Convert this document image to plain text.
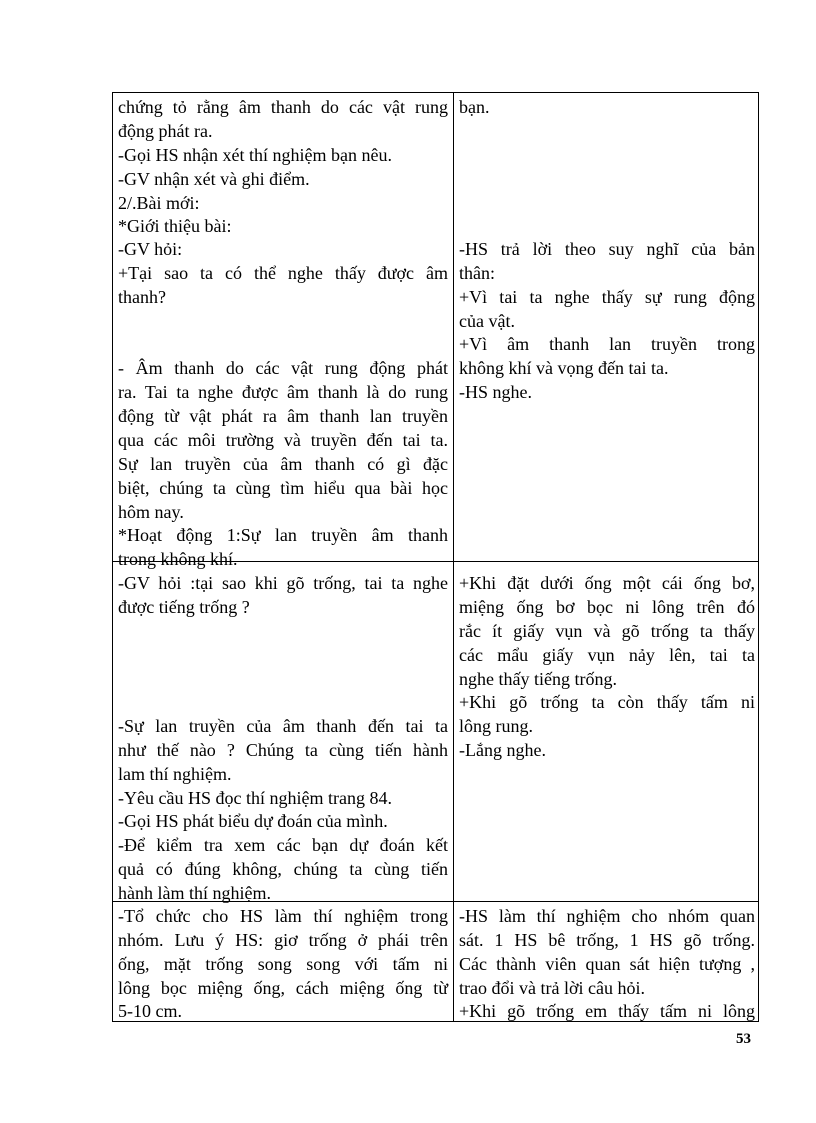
chứng tỏ rằng âm thanh do các vật rung
động phát ra.
-Gọi HS nhận xét thí nghiệm bạn nêu.
-GV nhận xét và ghi điểm.
2/.Bài mới:
*Giới thiệu bài:
-GV hỏi:
+Tại sao ta có thể nghe thấy được âm
thanh?
- Âm thanh do các vật rung động phát
ra. Tai ta nghe được âm thanh là do rung
động từ vật phát ra âm thanh lan truyền
qua các môi trường và truyền đến tai ta.
Sự lan truyền của âm thanh có gì đặc
biệt, chúng ta cùng tìm hiểu qua bài học
hôm nay.
*Hoạt động 1:Sự lan truyền âm thanh
trong không khí.
-GV hỏi :tại sao khi gõ trống, tai ta nghe
được tiếng trống ?
-Sự lan truyền của âm thanh đến tai ta
như thế nào ? Chúng ta cùng tiến hành
lam thí nghiệm.
-Yêu cầu HS đọc thí nghiệm trang 84.
-Gọi HS phát biểu dự đoán của mình.
-Để kiểm tra xem các bạn dự đoán kết
quả có đúng không, chúng ta cùng tiến
hành làm thí nghiệm.
-Tổ chức cho HS làm thí nghiệm trong
nhóm. Lưu ý HS: giơ trống ở phái trên
ống, mặt trống song song với tấm ni
lông bọc miệng ống, cách miệng ống từ
5-10 cm.
bạn.
-HS trả lời theo suy nghĩ của bản
thân:
+Vì tai ta nghe thấy sự rung động
của vật.
+Vì âm thanh lan truyền trong
không khí và vọng đến tai ta.
-HS nghe.
+Khi đặt dưới ống một cái ống bơ,
miệng ống bơ bọc ni lông trên đó
rắc ít giấy vụn và gõ trống ta thấy
các mẩu giấy vụn nảy lên, tai ta
nghe thấy tiếng trống.
+Khi gõ trống ta còn thấy tấm ni
lông rung.
-Lắng nghe.
-HS làm thí nghiệm cho nhóm quan
sát. 1 HS bê trống, 1 HS gõ trống.
Các thành viên quan sát hiện tượng ,
trao đổi và trả lời câu hỏi.
+Khi gõ trống em thấy tấm ni lông
53
